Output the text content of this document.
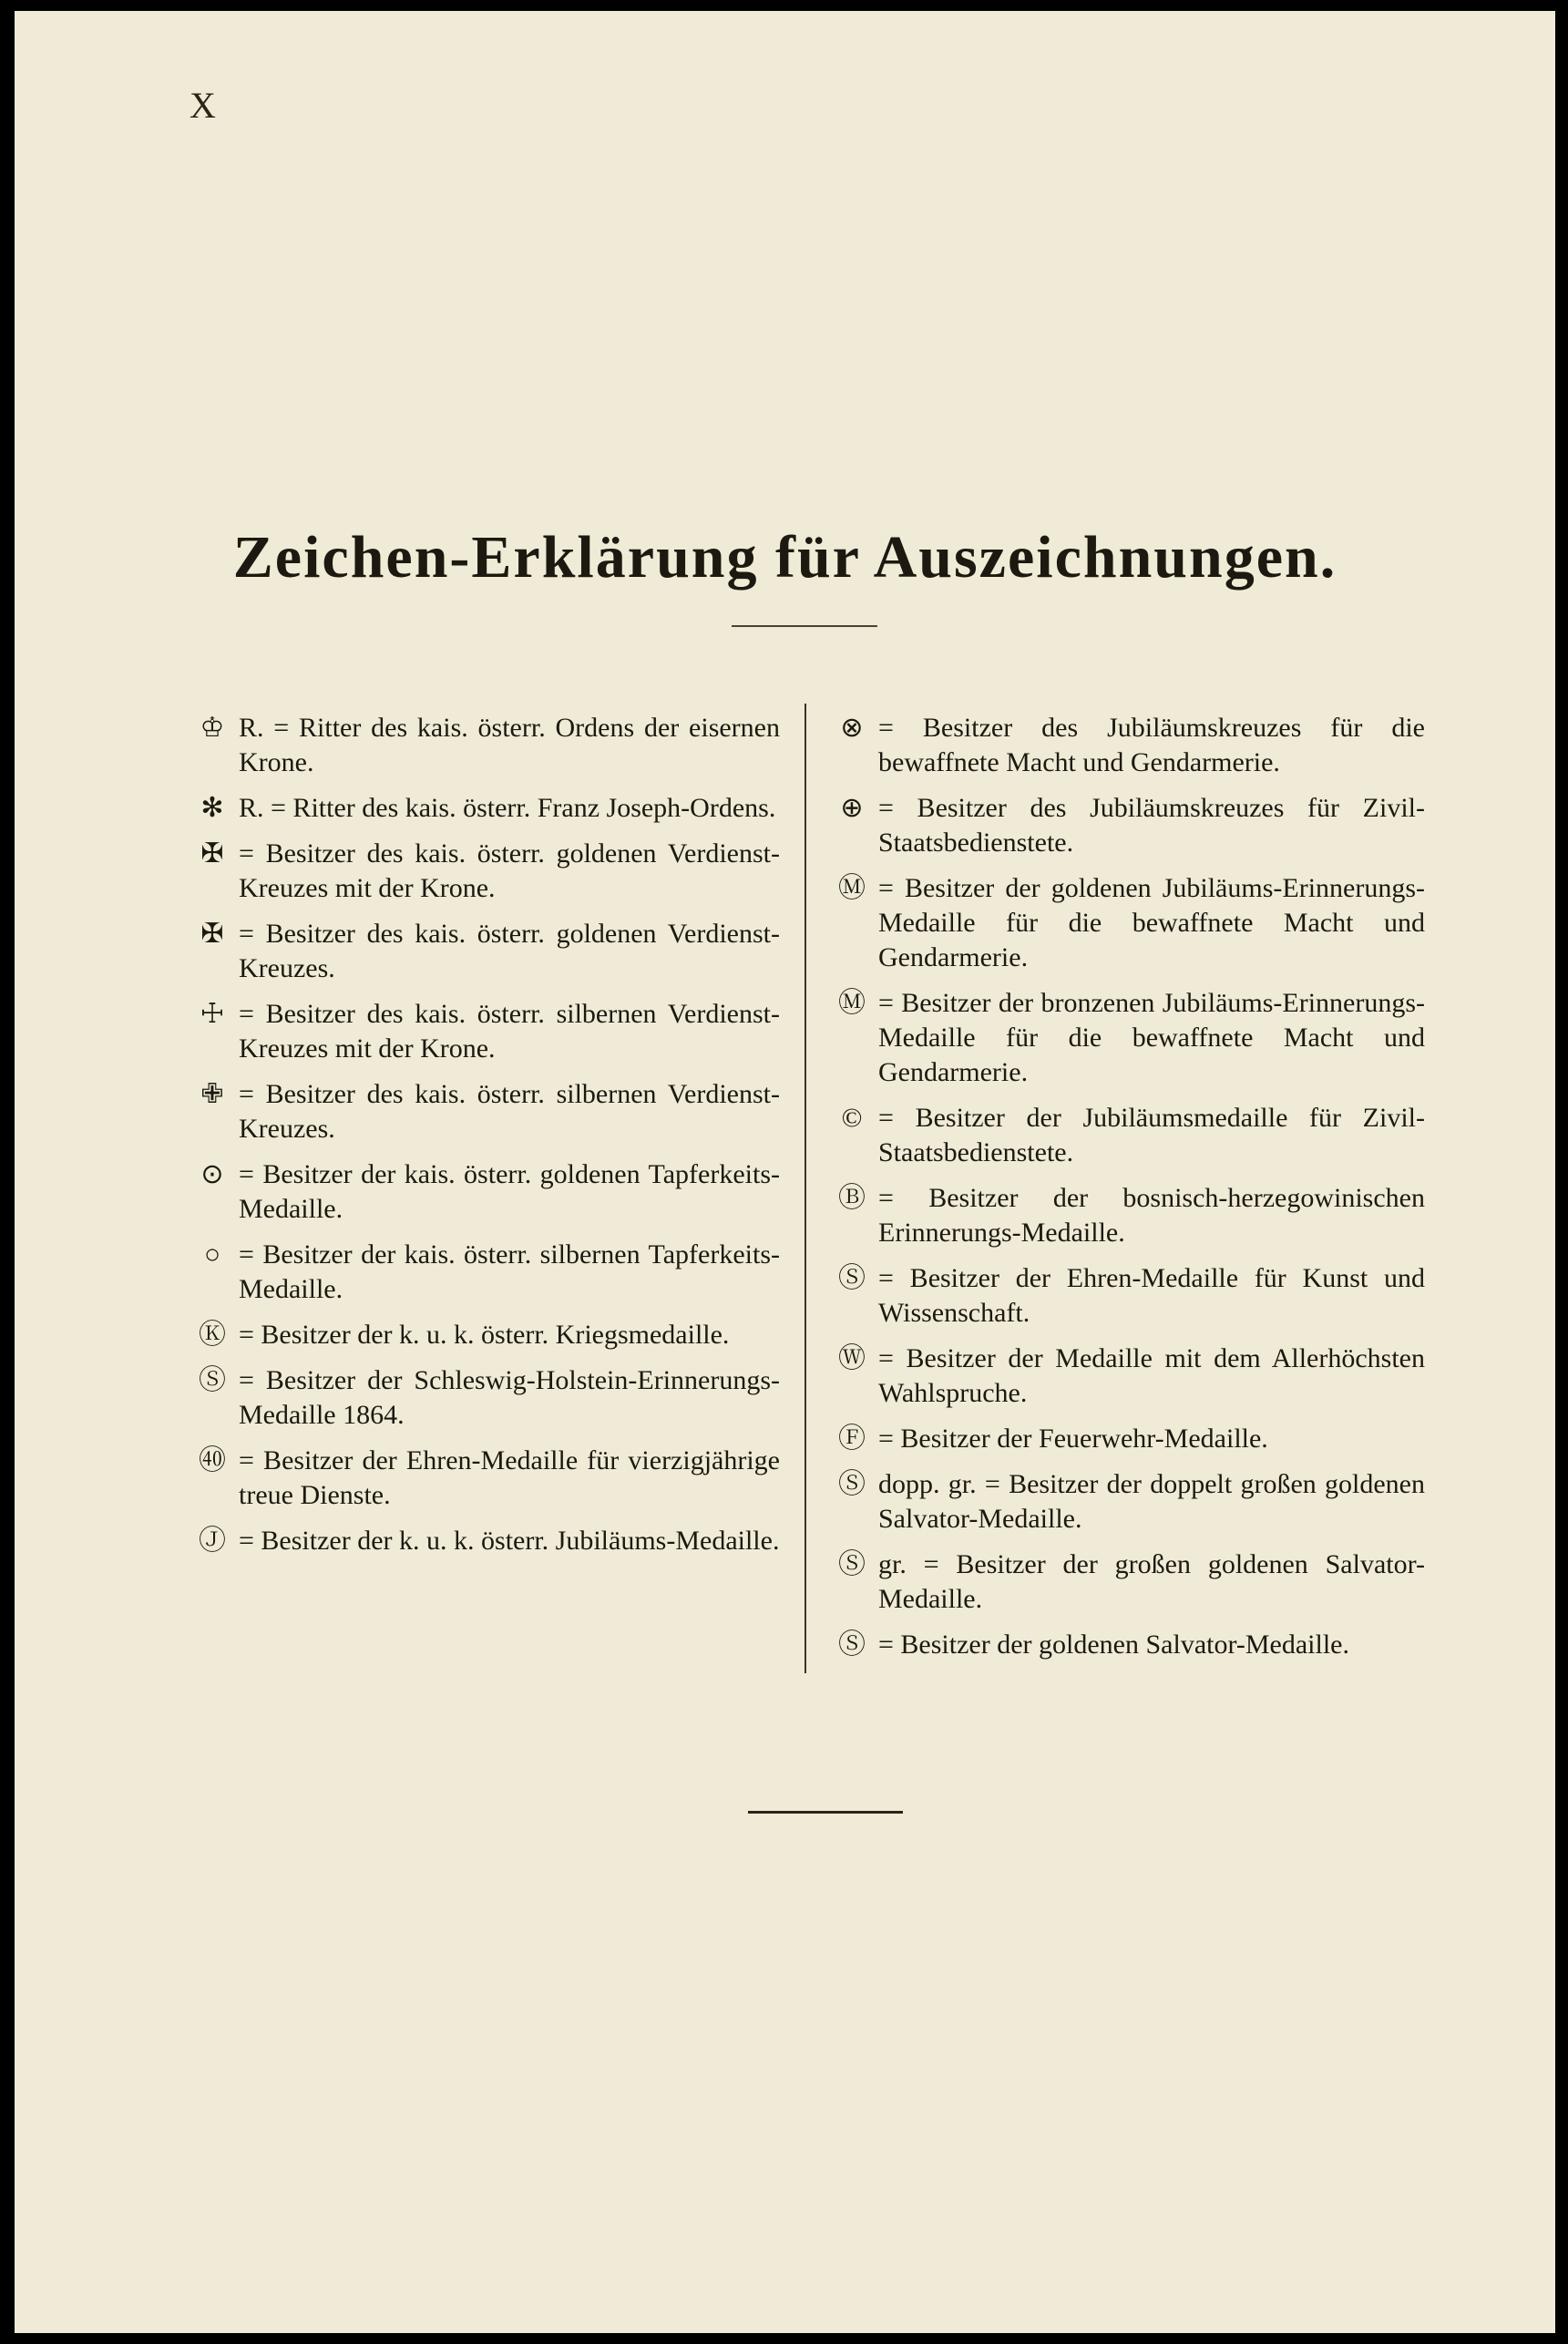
X
Zeichen-Erklärung für Auszeichnungen.
♔ R. = Ritter des kais. österr. Ordens der eisernen Krone.
✻ R. = Ritter des kais. österr. Franz Joseph-Ordens.
✠ = Besitzer des kais. österr. goldenen Verdienst-Kreuzes mit der Krone.
✠ = Besitzer des kais. österr. goldenen Verdienst-Kreuzes.
☩ = Besitzer des kais. österr. silbernen Verdienst-Kreuzes mit der Krone.
✙ = Besitzer des kais. österr. silbernen Verdienst-Kreuzes.
⊙ = Besitzer der kais. österr. goldenen Tapferkeits-Medaille.
○ = Besitzer der kais. österr. silbernen Tapferkeits-Medaille.
Ⓚ = Besitzer der k. u. k. österr. Kriegsmedaille.
Ⓢ = Besitzer der Schleswig-Holstein-Erinnerungs-Medaille 1864.
㊵ = Besitzer der Ehren-Medaille für vierzigjährige treue Dienste.
Ⓙ = Besitzer der k. u. k. österr. Jubiläums-Medaille.
⊗ = Besitzer des Jubiläumskreuzes für die bewaffnete Macht und Gendarmerie.
⊕ = Besitzer des Jubiläumskreuzes für Zivil-Staatsbedienstete.
Ⓜ = Besitzer der goldenen Jubiläums-Erinnerungs-Medaille für die bewaffnete Macht und Gendarmerie.
Ⓜ = Besitzer der bronzenen Jubiläums-Erinnerungs-Medaille für die bewaffnete Macht und Gendarmerie.
© = Besitzer der Jubiläumsmedaille für Zivil-Staatsbedienstete.
Ⓑ = Besitzer der bosnisch-herzegowinischen Erinnerungs-Medaille.
Ⓢ = Besitzer der Ehren-Medaille für Kunst und Wissenschaft.
Ⓦ = Besitzer der Medaille mit dem Allerhöchsten Wahlspruche.
Ⓕ = Besitzer der Feuerwehr-Medaille.
Ⓢ dopp. gr. = Besitzer der doppelt großen goldenen Salvator-Medaille.
Ⓢ gr. = Besitzer der großen goldenen Salvator-Medaille.
Ⓢ = Besitzer der goldenen Salvator-Medaille.
